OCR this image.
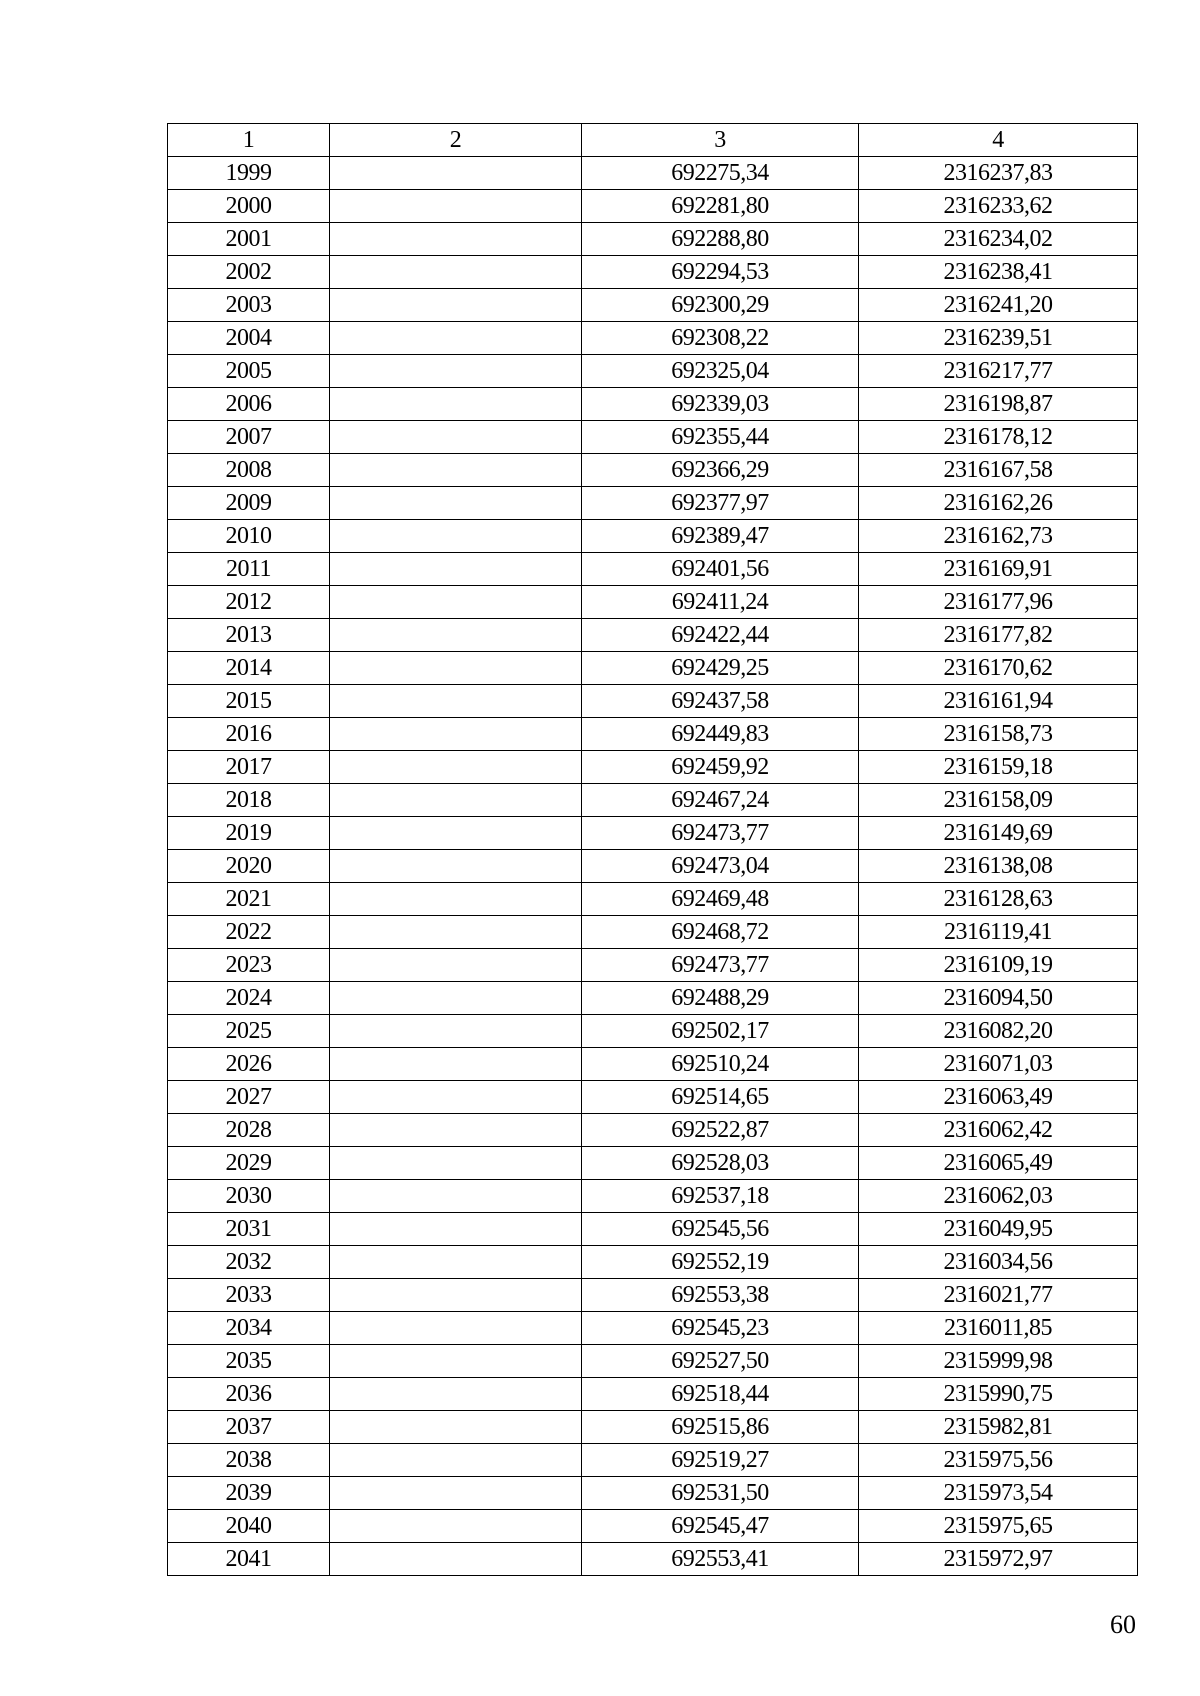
1	2	3	4
1999		692275,34	2316237,83
2000		692281,80	2316233,62
2001		692288,80	2316234,02
2002		692294,53	2316238,41
2003		692300,29	2316241,20
2004		692308,22	2316239,51
2005		692325,04	2316217,77
2006		692339,03	2316198,87
2007		692355,44	2316178,12
2008		692366,29	2316167,58
2009		692377,97	2316162,26
2010		692389,47	2316162,73
2011		692401,56	2316169,91
2012		692411,24	2316177,96
2013		692422,44	2316177,82
2014		692429,25	2316170,62
2015		692437,58	2316161,94
2016		692449,83	2316158,73
2017		692459,92	2316159,18
2018		692467,24	2316158,09
2019		692473,77	2316149,69
2020		692473,04	2316138,08
2021		692469,48	2316128,63
2022		692468,72	2316119,41
2023		692473,77	2316109,19
2024		692488,29	2316094,50
2025		692502,17	2316082,20
2026		692510,24	2316071,03
2027		692514,65	2316063,49
2028		692522,87	2316062,42
2029		692528,03	2316065,49
2030		692537,18	2316062,03
2031		692545,56	2316049,95
2032		692552,19	2316034,56
2033		692553,38	2316021,77
2034		692545,23	2316011,85
2035		692527,50	2315999,98
2036		692518,44	2315990,75
2037		692515,86	2315982,81
2038		692519,27	2315975,56
2039		692531,50	2315973,54
2040		692545,47	2315975,65
2041		692553,41	2315972,97
60
